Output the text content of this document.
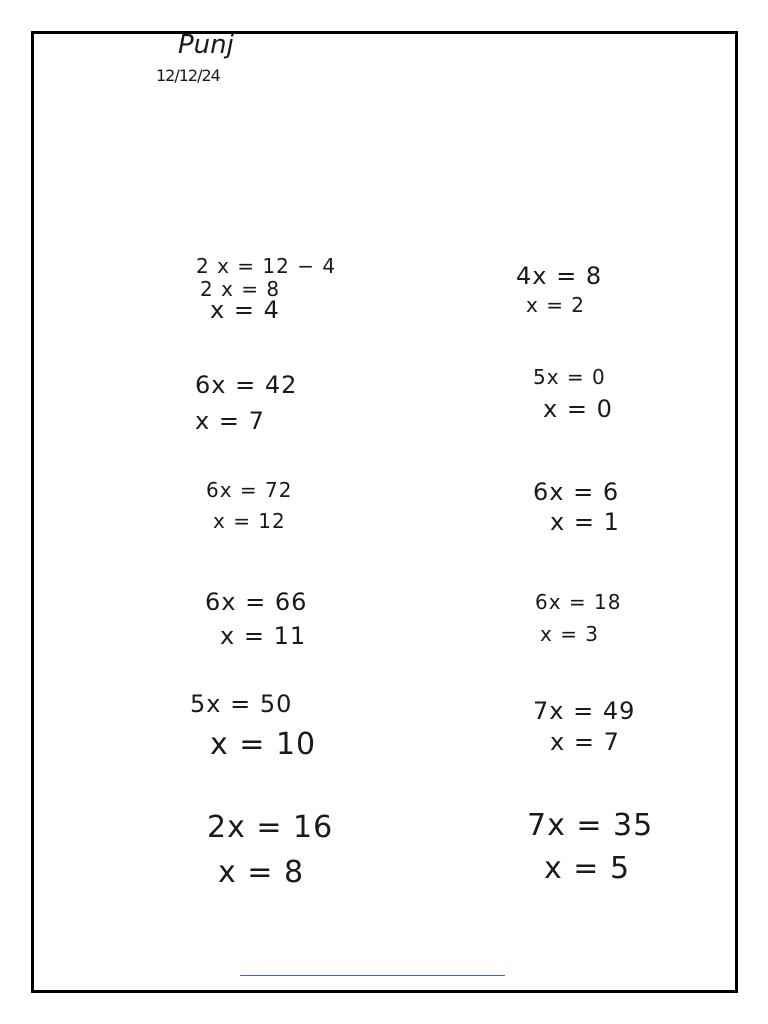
Punj
12/12/24
2 x = 12 − 4
2 x = 8
x = 4
6x = 42
x = 7
6x = 72
x = 12
6x = 66
x = 11
5x = 50
x = 10
2x = 16
x = 8
4x = 8
x = 2
5x = 0
x = 0
6x = 6
x = 1
6x = 18
x = 3
7x = 49
x = 7
7x = 35
x = 5
